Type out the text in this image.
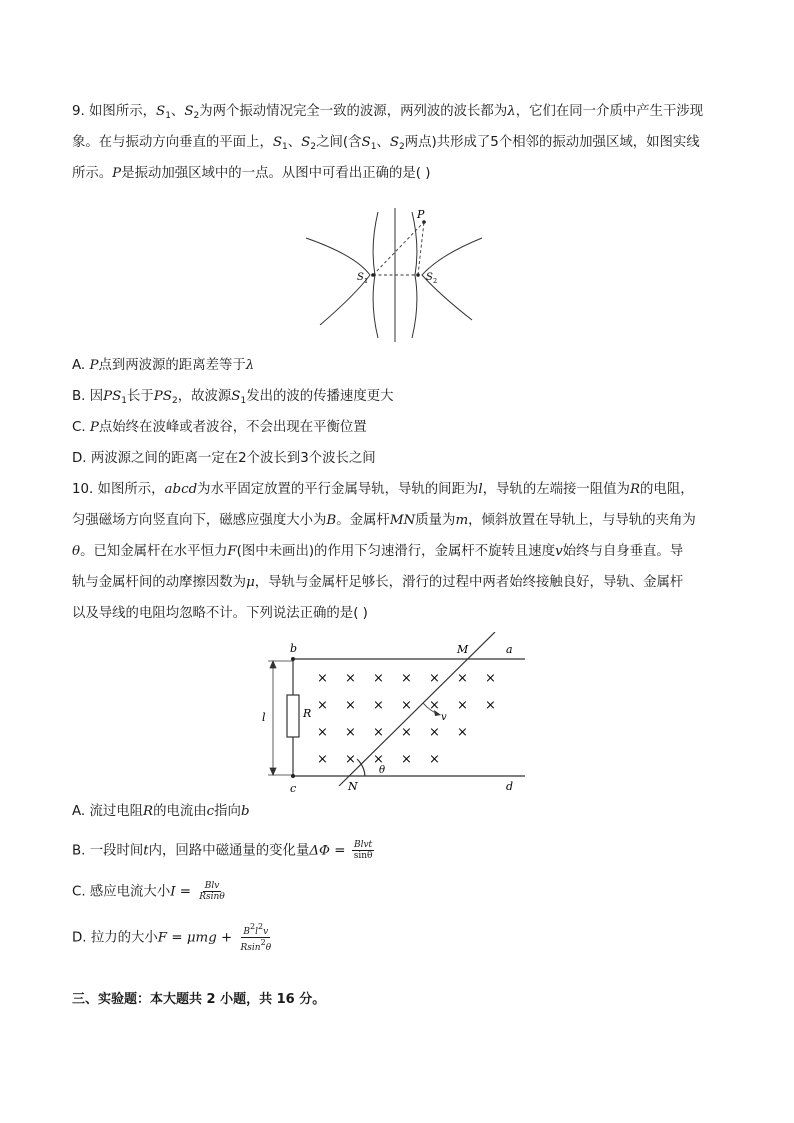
9. 如图所示，$S_1$、$S_2$为两个振动情况完全一致的波源，两列波的波长都为λ，它们在同一介质中产生干涉现
象。在与振动方向垂直的平面上，$S_1$、$S_2$之间(含$S_1$、$S_2$两点)共形成了5个相邻的振动加强区域，如图实线
所示。P是振动加强区域中的一点。从图中可看出正确的是( )
P
S 1	S 2
A. P点到两波源的距离差等于λ
B. 因$PS_1$长于$PS_2$，故波源$S_1$发出的波的传播速度更大
C. P点始终在波峰或者波谷，不会出现在平衡位置
D. 两波源之间的距离一定在2个波长到3个波长之间
10. 如图所示，abcd为水平固定放置的平行金属导轨，导轨的间距为l，导轨的左端接一阻值为R的电阻，
匀强磁场方向竖直向下，磁感应强度大小为B。金属杆MN质量为m，倾斜放置在导轨上，与导轨的夹角为
θ。已知金属杆在水平恒力F(图中未画出)的作用下匀速滑行，金属杆不旋转且速度v始终与自身垂直。导
轨与金属杆间的动摩擦因数为μ，导轨与金属杆足够长，滑行的过程中两者始终接触良好，导轨、金属杆
以及导线的电阻均忽略不计。下列说法正确的是( )
× × × × × × ×
× × × × × × ×
× × × × × ×
× × × × ×
b	M	a
l	R	v
θ
c	N	d
A. 流过电阻R的电流由c指向b
B. 一段时间t内，回路中磁通量的变化量$\Delta\Phi = \frac{\text{Blvt}}{\sin\theta}$
C. 感应电流大小$I = \frac{\text{Blv}}{Rsin\theta}$
D. 拉力的大小$F = \mu mg + \frac{B2l2v}{Rsin2\theta}$
三、实验题：本大题共 2 小题，共 16 分。
